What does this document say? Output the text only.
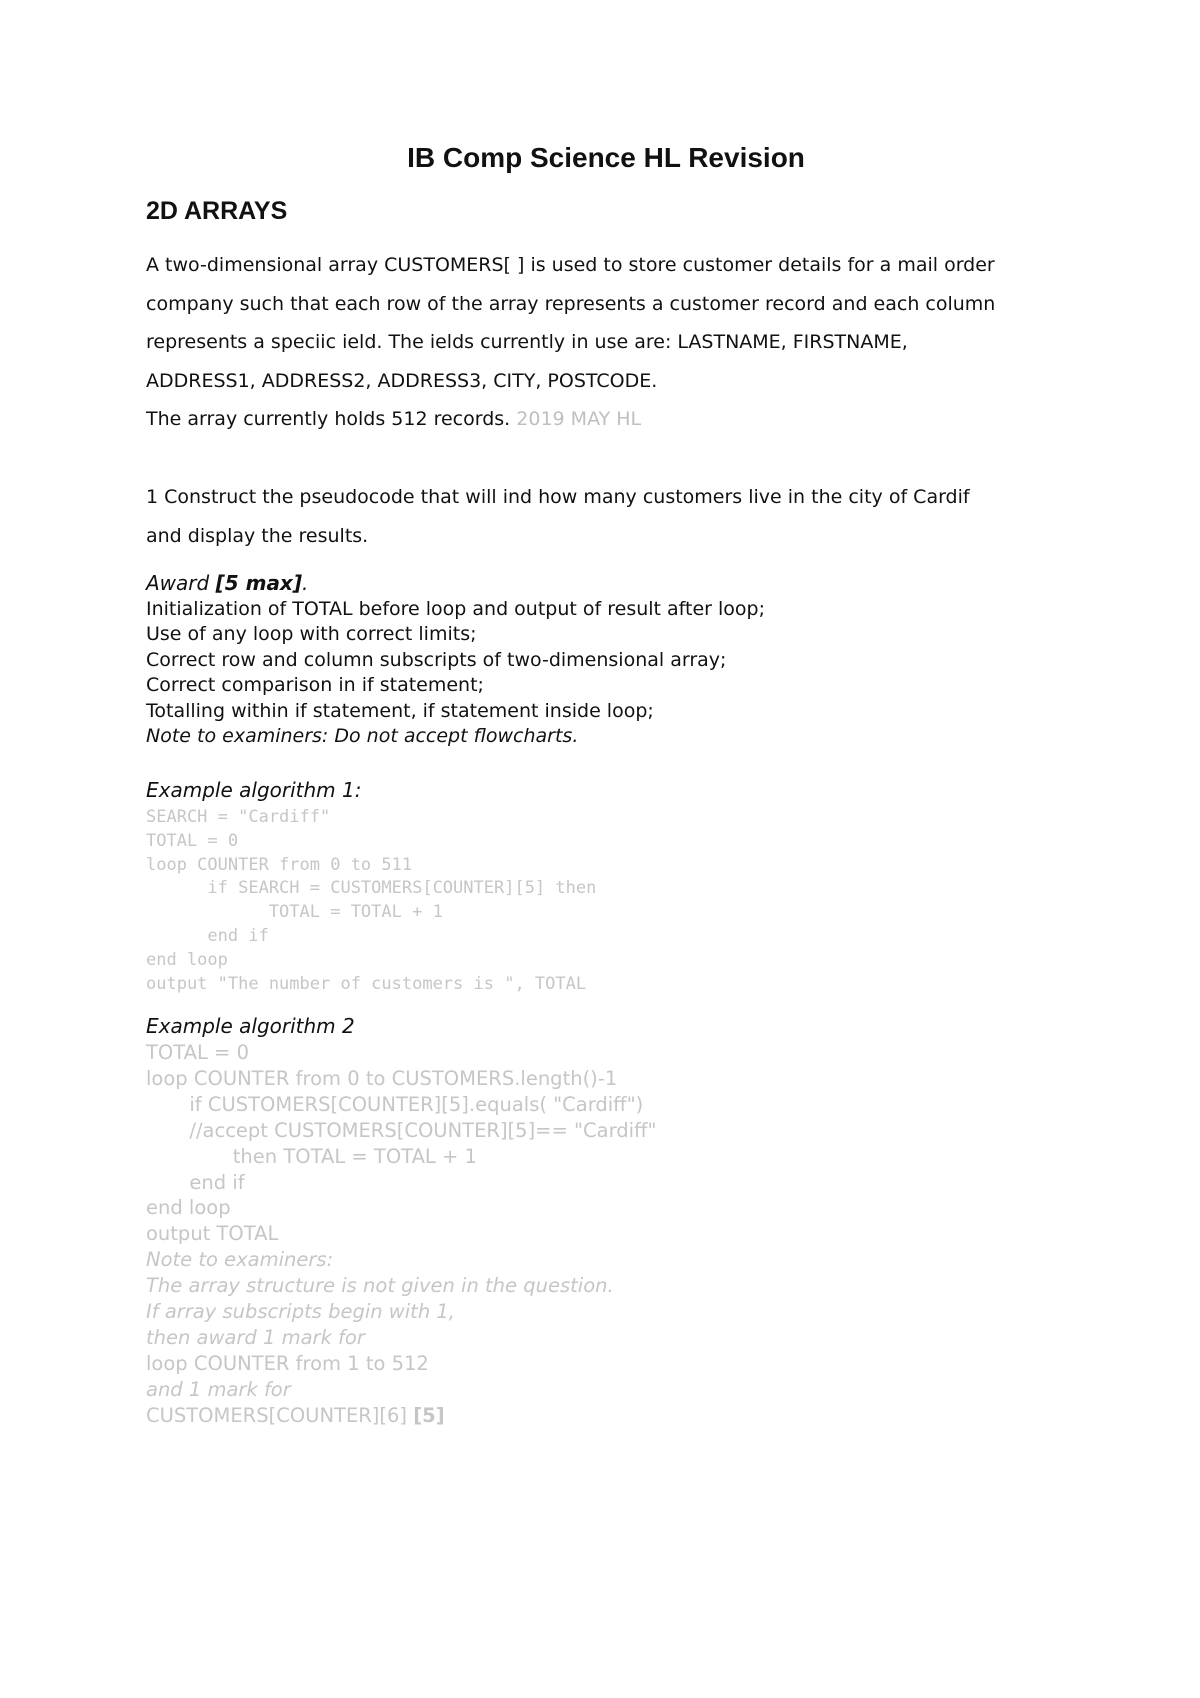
IB Comp Science HL Revision
2D ARRAYS
A two-dimensional array CUSTOMERS[ ] is used to store customer details for a mail order
company such that each row of the array represents a customer record and each column
represents a speciic ield. The ields currently in use are: LASTNAME, FIRSTNAME,
ADDRESS1, ADDRESS2, ADDRESS3, CITY, POSTCODE.
The array currently holds 512 records. 2019 MAY HL
1 Construct the pseudocode that will ind how many customers live in the city of Cardif
and display the results.
Award [5 max].
Initialization of TOTAL before loop and output of result after loop;
Use of any loop with correct limits;
Correct row and column subscripts of two-dimensional array;
Correct comparison in if statement;
Totalling within if statement, if statement inside loop;
Note to examiners: Do not accept flowcharts.
Example algorithm 1:
SEARCH = "Cardiff"
TOTAL = 0
loop COUNTER from 0 to 511
if SEARCH = CUSTOMERS[COUNTER][5] then
TOTAL = TOTAL + 1
end if
end loop
output "The number of customers is ", TOTAL
Example algorithm 2
TOTAL = 0
loop COUNTER from 0 to CUSTOMERS.length()-1
if CUSTOMERS[COUNTER][5].equals( "Cardiff")
//accept CUSTOMERS[COUNTER][5]== "Cardiff"
then TOTAL = TOTAL + 1
end if
end loop
output TOTAL
Note to examiners:
The array structure is not given in the question.
If array subscripts begin with 1,
then award 1 mark for
loop COUNTER from 1 to 512
and 1 mark for
CUSTOMERS[COUNTER][6] [5]
